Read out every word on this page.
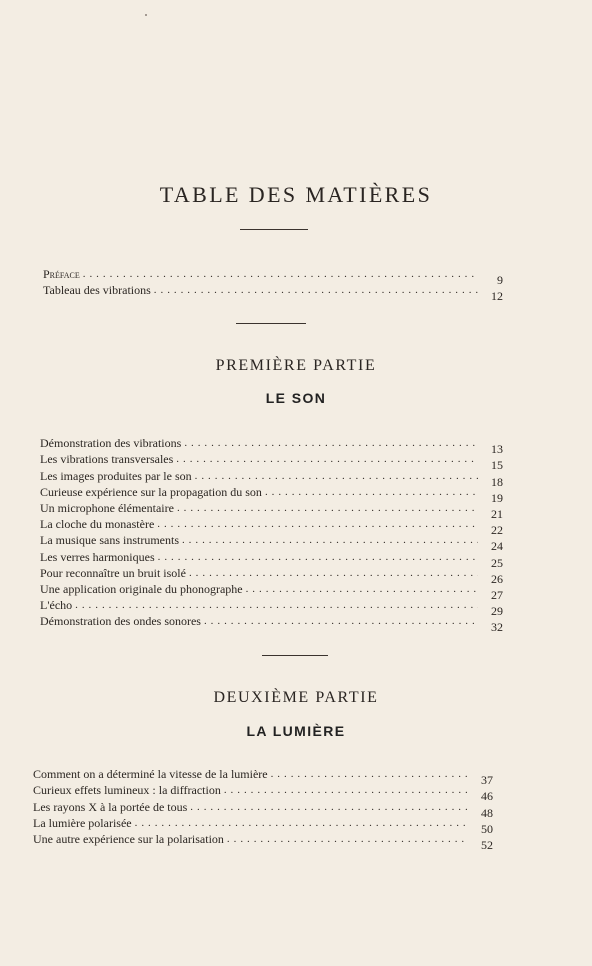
TABLE DES MATIÈRES
Préface . . .	9
Tableau des vibrations . . .	12
PREMIÈRE PARTIE
LE SON
Démonstration des vibrations . . .	13
Les vibrations transversales . . .	15
Les images produites par le son . . .	18
Curieuse expérience sur la propagation du son . . .	19
Un microphone élémentaire . . .	21
La cloche du monastère . . .	22
La musique sans instruments . . .	24
Les verres harmoniques . . .	25
Pour reconnaître un bruit isolé . . .	26
Une application originale du phonographe . . .	27
L'écho . . .	29
Démonstration des ondes sonores . . .	32
DEUXIÈME PARTIE
LA LUMIÈRE
Comment on a déterminé la vitesse de la lumière . . .	37
Curieux effets lumineux : la diffraction . . .	46
Les rayons X à la portée de tous . . .	48
La lumière polarisée . . .	50
Une autre expérience sur la polarisation . . .	52
